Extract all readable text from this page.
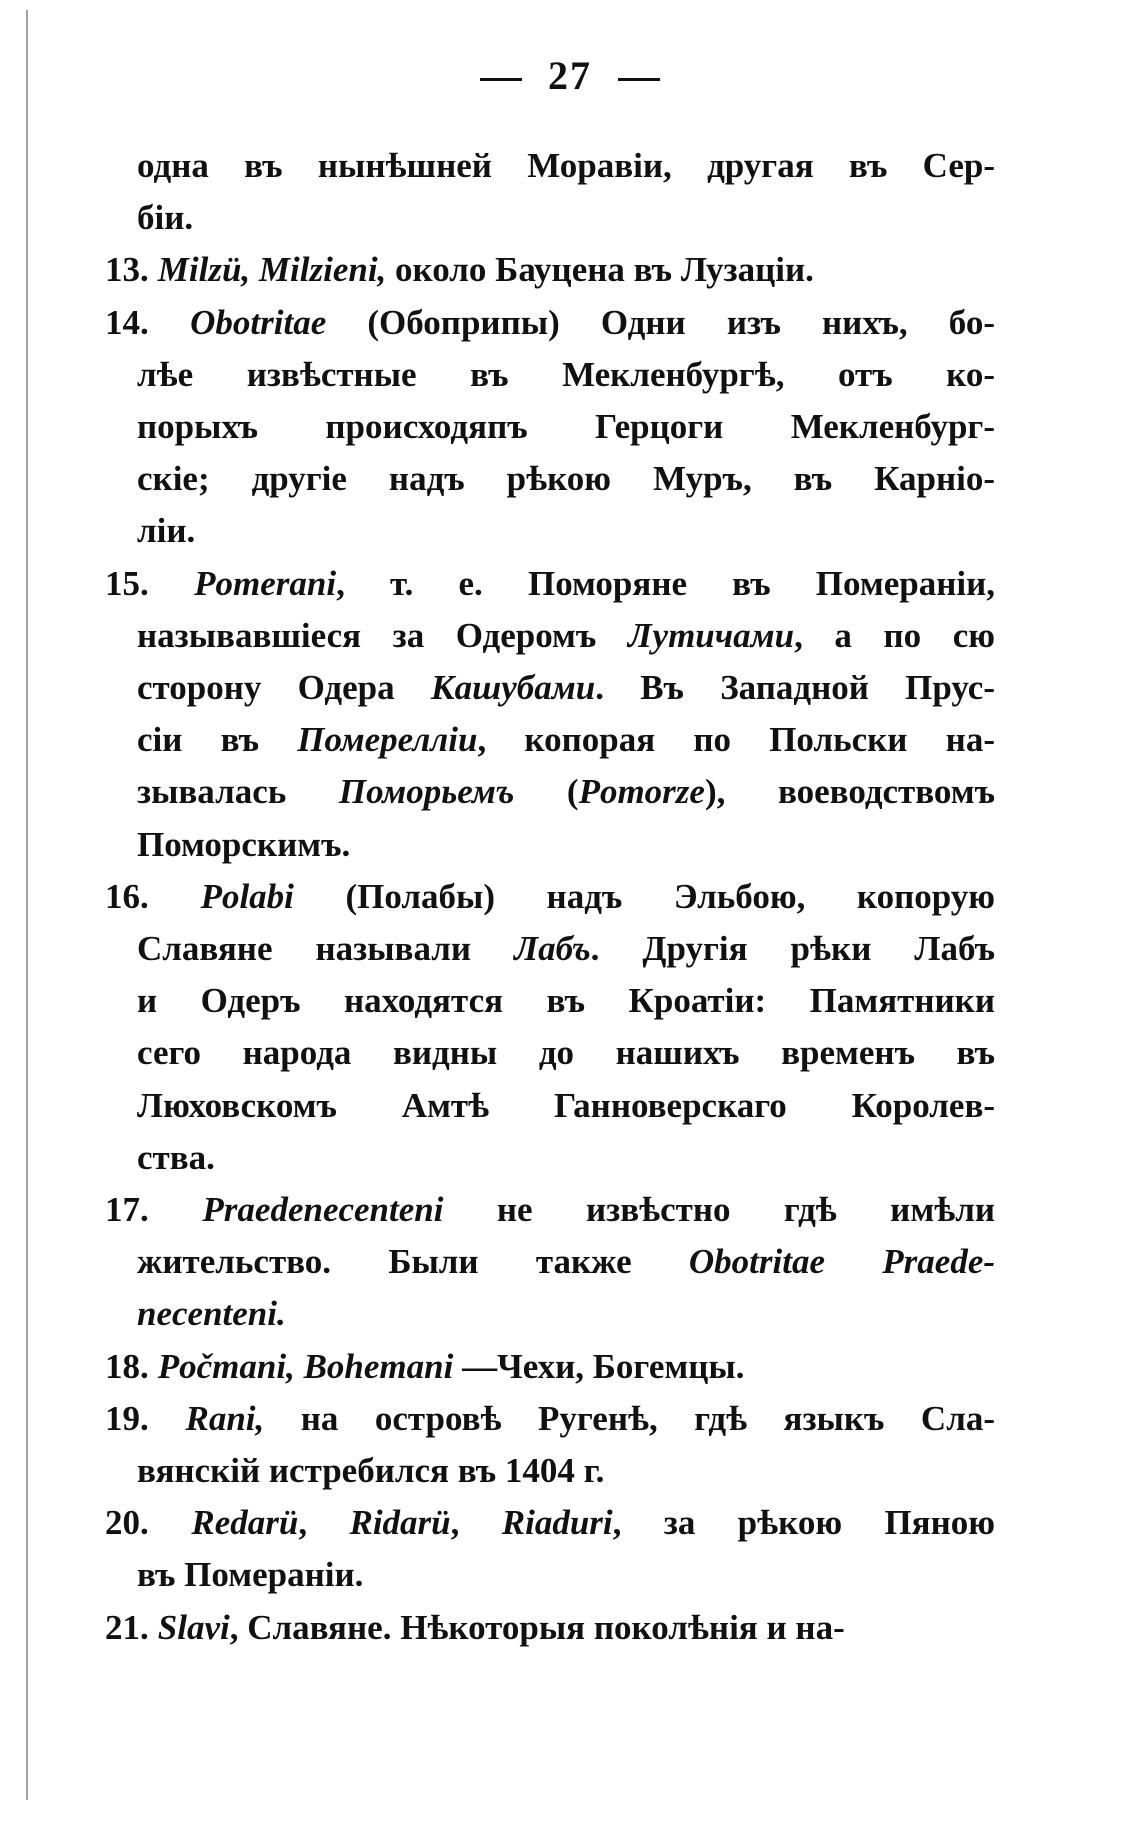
27
одна въ нынѣшней Моравіи, другая въ Сер-
біи.
13. Milzü, Milzieni, около Бауцена въ Лузаціи.
14. Obotritae (Обоприпы) Одни изъ нихъ, бо-
лѣе извѣстные въ Мекленбургѣ, отъ ко-
порыхъ происходяпъ Герцоги Мекленбург-
скіе; другіе надъ рѣкою Муръ, въ Карніо-
ліи.
15. Pomerani, т. е. Поморяне въ Помераніи,
называвшіеся за Одеромъ Лутичами, а по сю
сторону Одера Кашубами. Въ Западной Прус-
сіи въ Помереллiи, копорая по Польски на-
зывалась Поморьемъ (Pomorze), воеводствомъ
Поморскимъ.
16. Polabi (Полабы) надъ Эльбою, копорую
Славяне называли Лабъ. Другія рѣки Лабъ
и Одеръ находятся въ Кроатіи: Памятники
сего народа видны до нашихъ временъ въ
Люховскомъ Амтѣ Ганноверскаго Королев-
ства.
17. Praedenecenteni не извѣстно гдѣ имѣли
жительство. Были также Obotritae Praede-
necenteni.
18. Počmani, Bohemani —Чехи, Богемцы.
19. Rani, на островѣ Ругенѣ, гдѣ языкъ Сла-
вянскій истребился въ 1404 г.
20. Redarü, Ridarü, Riaduri, за рѣкою Пяною
въ Помераніи.
21. Slavi, Славяне. Нѣкоторыя поколѣнія и на-
